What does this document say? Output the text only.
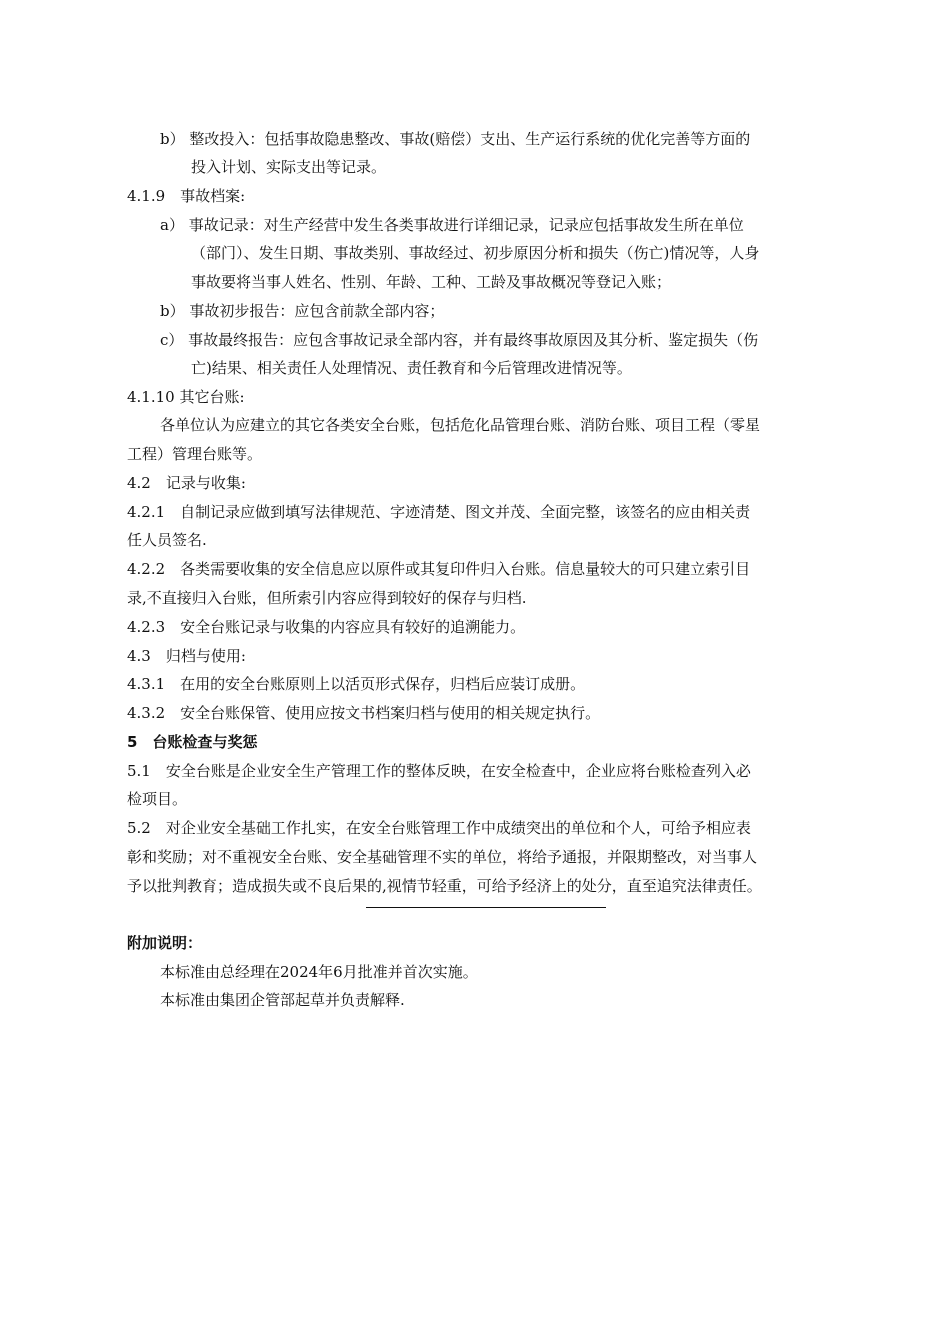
b） 整改投入：包括事故隐患整改、事故(赔偿）支出、生产运行系统的优化完善等方面的
投入计划、实际支出等记录。
4.1.9　事故档案:
a） 事故记录：对生产经营中发生各类事故进行详细记录，记录应包括事故发生所在单位
（部门）、发生日期、事故类别、事故经过、初步原因分析和损失（伤亡)情况等，人身
事故要将当事人姓名、性别、年龄、工种、工龄及事故概况等登记入账；
b） 事故初步报告：应包含前款全部内容；
c） 事故最终报告：应包含事故记录全部内容，并有最终事故原因及其分析、鉴定损失（伤
亡)结果、相关责任人处理情况、责任教育和今后管理改进情况等。
4.1.10 其它台账:
各单位认为应建立的其它各类安全台账，包括危化品管理台账、消防台账、项目工程（零星
工程）管理台账等。
4.2　记录与收集:
4.2.1　自制记录应做到填写法律规范、字迹清楚、图文并茂、全面完整，该签名的应由相关责
任人员签名.
4.2.2　各类需要收集的安全信息应以原件或其复印件归入台账。信息量较大的可只建立索引目
录,不直接归入台账，但所索引内容应得到较好的保存与归档.
4.2.3　安全台账记录与收集的内容应具有较好的追溯能力。
4.3　归档与使用:
4.3.1　在用的安全台账原则上以活页形式保存，归档后应装订成册。
4.3.2　安全台账保管、使用应按文书档案归档与使用的相关规定执行。
5　台账检查与奖惩
5.1　安全台账是企业安全生产管理工作的整体反映，在安全检查中，企业应将台账检查列入必
检项目。
5.2　对企业安全基础工作扎实，在安全台账管理工作中成绩突出的单位和个人，可给予相应表
彰和奖励；对不重视安全台账、安全基础管理不实的单位，将给予通报，并限期整改，对当事人
予以批判教育；造成损失或不良后果的,视情节轻重，可给予经济上的处分，直至追究法律责任。
附加说明：
本标准由总经理在2024年6月批准并首次实施。
本标准由集团企管部起草并负责解释.
